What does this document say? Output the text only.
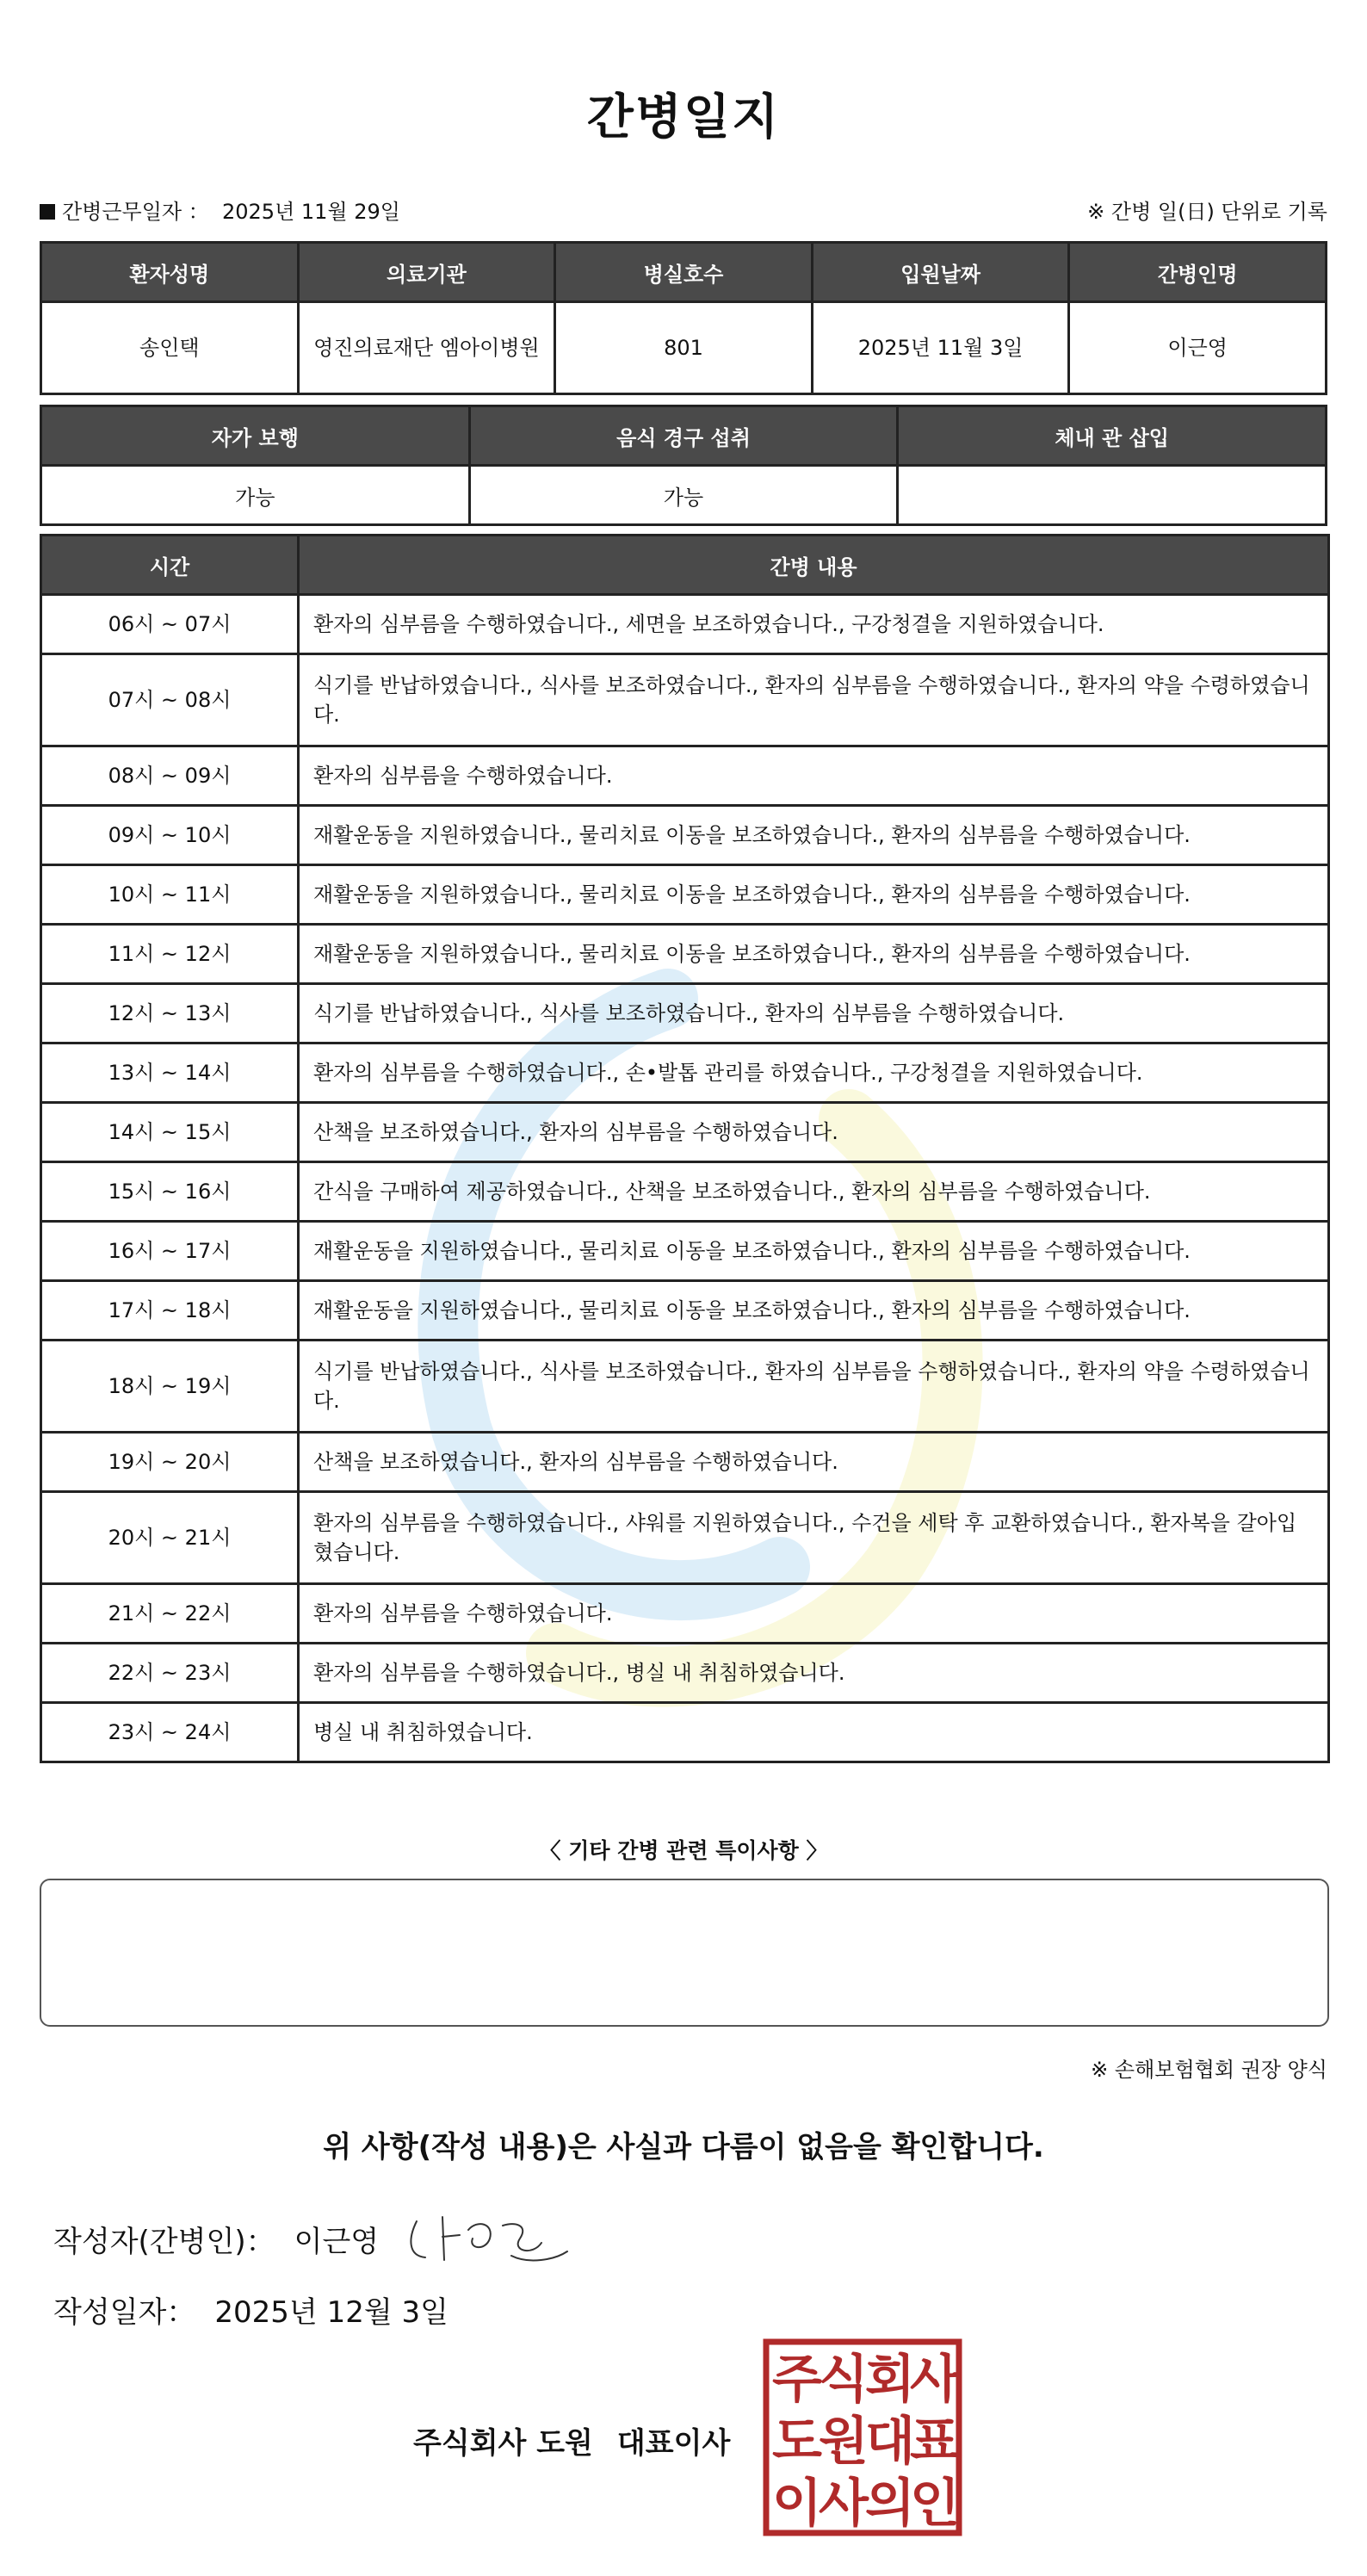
간병일지
간병근무일자 ： 2025년 11월 29일	※ 간병 일(日) 단위로 기록
환자성명	의료기관	병실호수	입원날짜	간병인명
송인택	영진의료재단 엠아이병원	801	2025년 11월 3일	이근영
자가 보행	음식 경구 섭취	체내 관 삽입
가능	가능	
시간	간병 내용
06시 ~ 07시	환자의 심부름을 수행하였습니다., 세면을 보조하였습니다., 구강청결을 지원하였습니다.
07시 ~ 08시	식기를 반납하였습니다., 식사를 보조하였습니다., 환자의 심부름을 수행하였습니다., 환자의 약을 수령하였습니다.
08시 ~ 09시	환자의 심부름을 수행하였습니다.
09시 ~ 10시	재활운동을 지원하였습니다., 물리치료 이동을 보조하였습니다., 환자의 심부름을 수행하였습니다.
10시 ~ 11시	재활운동을 지원하였습니다., 물리치료 이동을 보조하였습니다., 환자의 심부름을 수행하였습니다.
11시 ~ 12시	재활운동을 지원하였습니다., 물리치료 이동을 보조하였습니다., 환자의 심부름을 수행하였습니다.
12시 ~ 13시	식기를 반납하였습니다., 식사를 보조하였습니다., 환자의 심부름을 수행하였습니다.
13시 ~ 14시	환자의 심부름을 수행하였습니다., 손•발톱 관리를 하였습니다., 구강청결을 지원하였습니다.
14시 ~ 15시	산책을 보조하였습니다., 환자의 심부름을 수행하였습니다.
15시 ~ 16시	간식을 구매하여 제공하였습니다., 산책을 보조하였습니다., 환자의 심부름을 수행하였습니다.
16시 ~ 17시	재활운동을 지원하였습니다., 물리치료 이동을 보조하였습니다., 환자의 심부름을 수행하였습니다.
17시 ~ 18시	재활운동을 지원하였습니다., 물리치료 이동을 보조하였습니다., 환자의 심부름을 수행하였습니다.
18시 ~ 19시	식기를 반납하였습니다., 식사를 보조하였습니다., 환자의 심부름을 수행하였습니다., 환자의 약을 수령하였습니다.
19시 ~ 20시	산책을 보조하였습니다., 환자의 심부름을 수행하였습니다.
20시 ~ 21시	환자의 심부름을 수행하였습니다., 샤워를 지원하였습니다., 수건을 세탁 후 교환하였습니다., 환자복을 갈아입혔습니다.
21시 ~ 22시	환자의 심부름을 수행하였습니다.
22시 ~ 23시	환자의 심부름을 수행하였습니다., 병실 내 취침하였습니다.
23시 ~ 24시	병실 내 취침하였습니다.
〈 기타 간병 관련 특이사항 〉
※ 손해보험협회 권장 양식
위 사항(작성 내용)은 사실과 다름이 없음을 확인합니다.
작성자(간병인)： 이근영
작성일자： 2025년 12월 3일
주식회사 도원 대표이사
주
식
회
사
도
원
대
표
이
사
의
인
